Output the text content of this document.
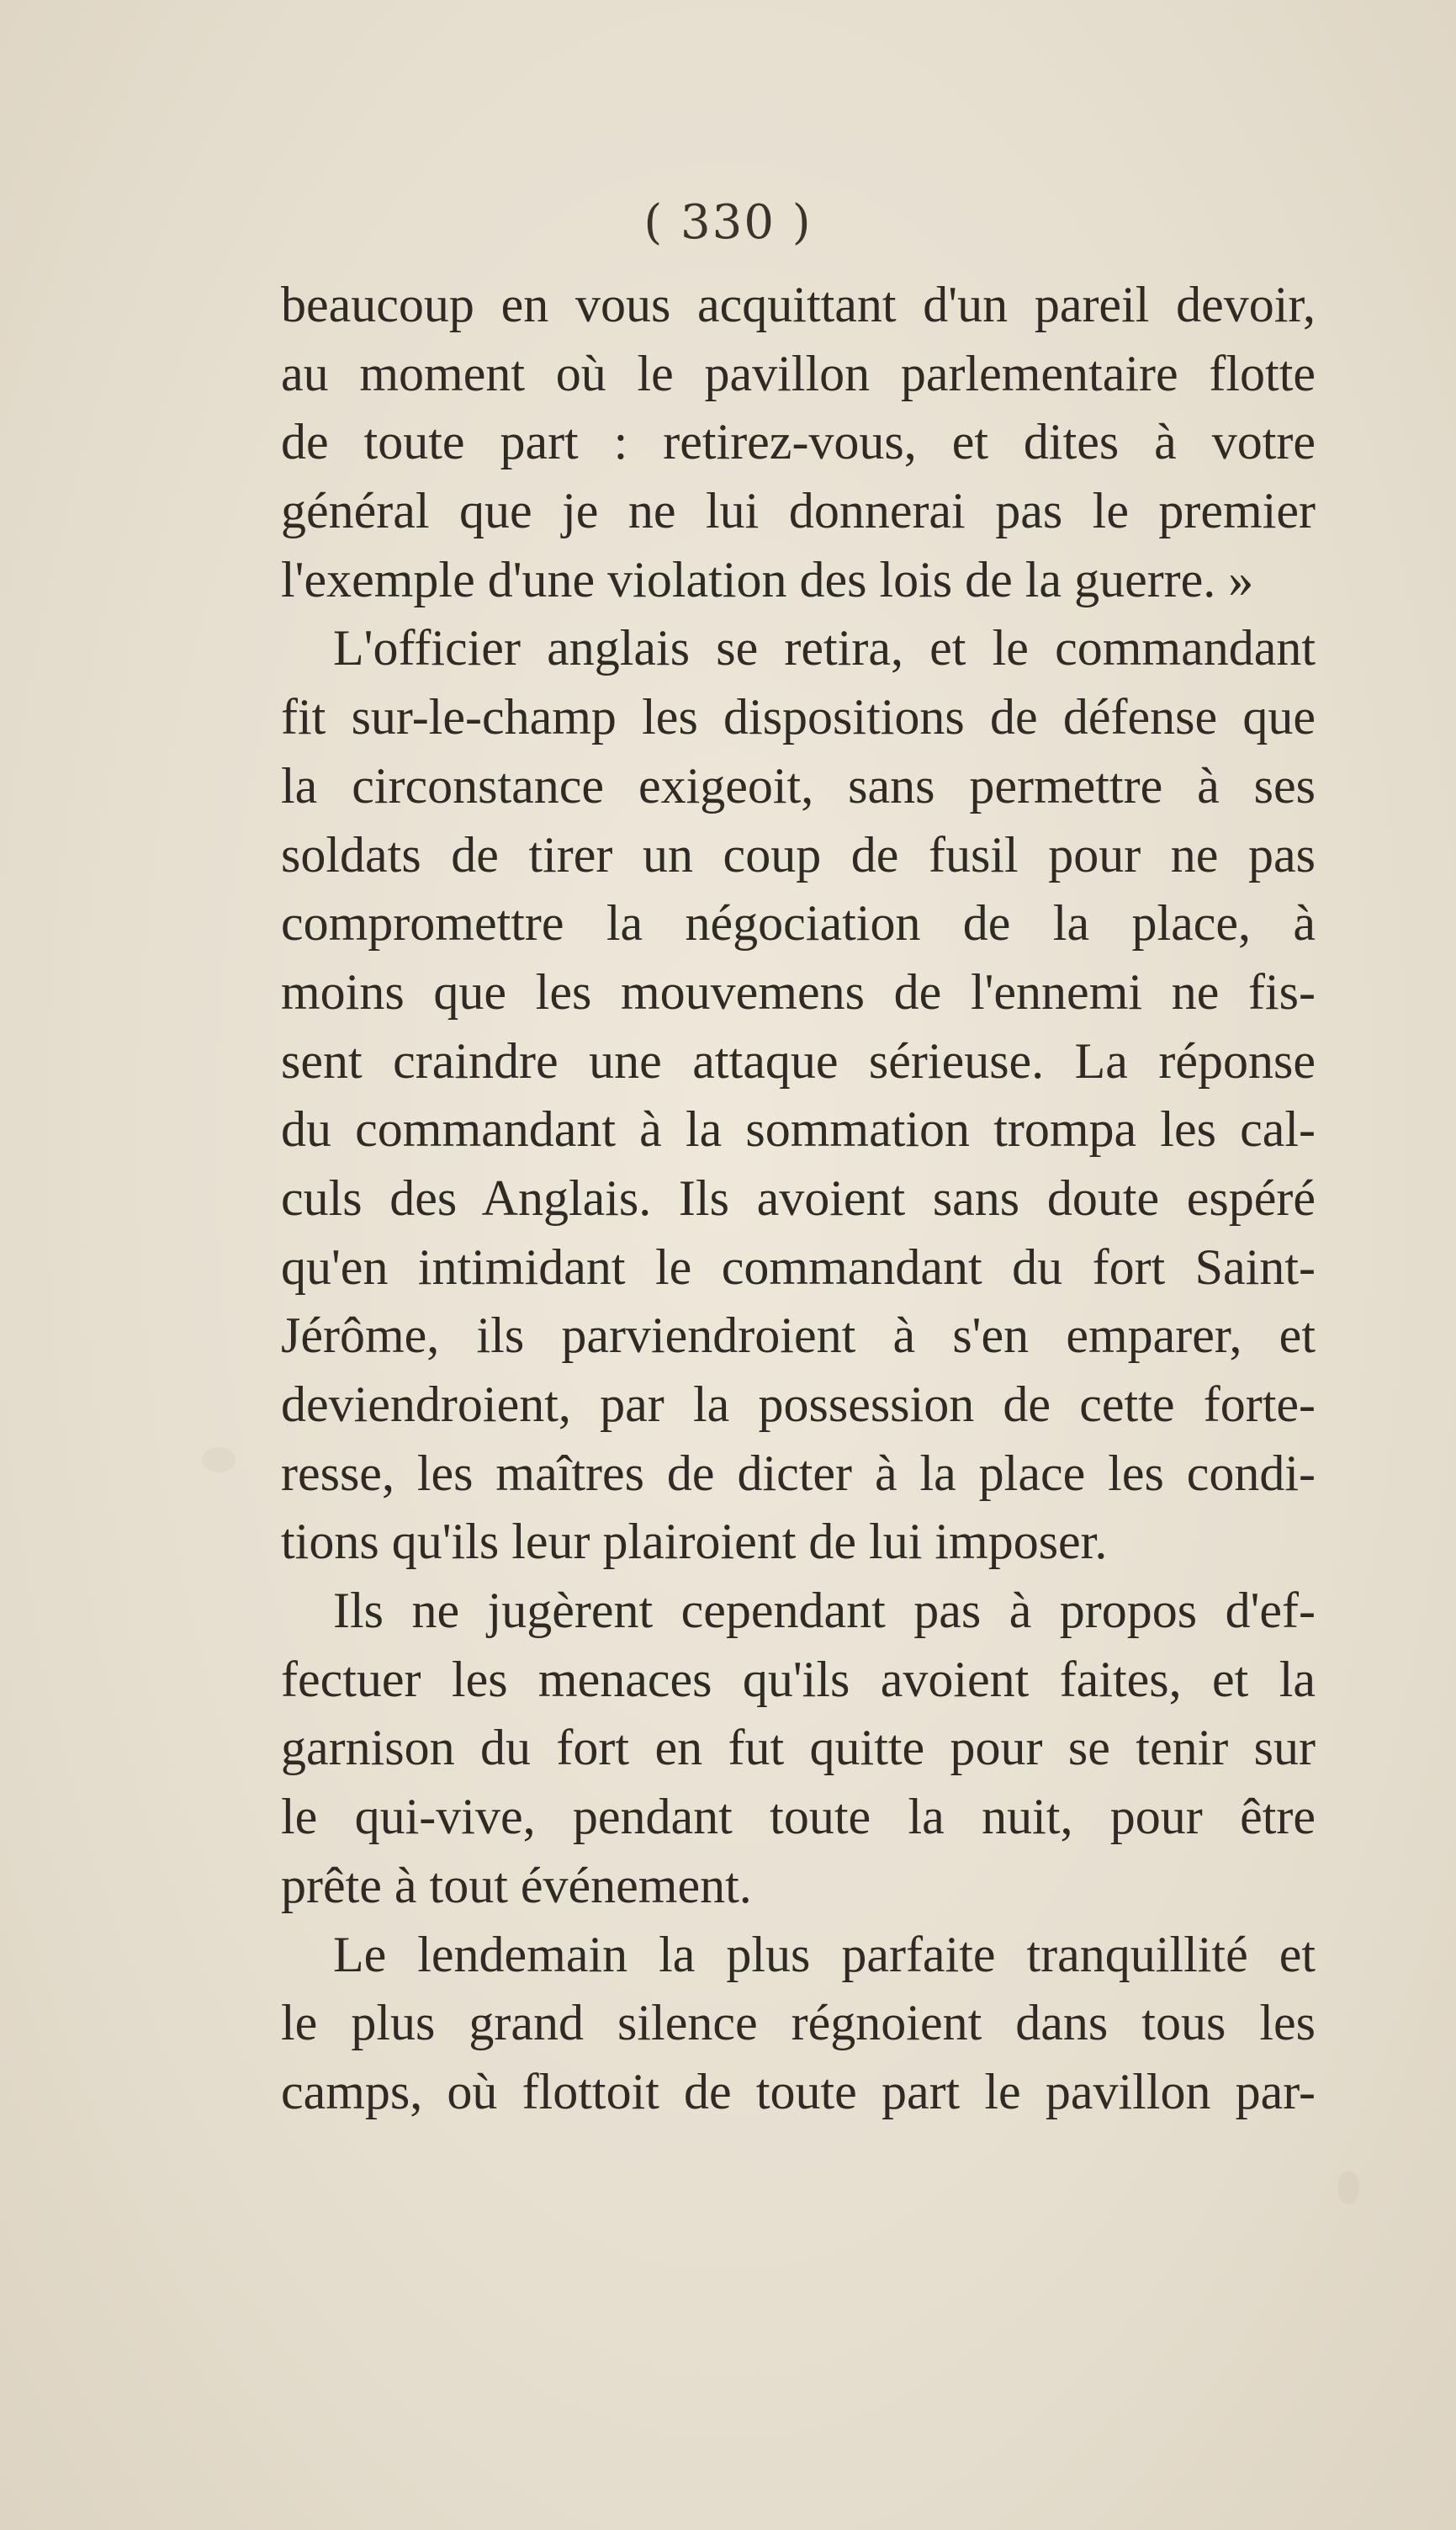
( 330 )
beaucoup en vous acquittant d'un pareil devoir,
au moment où le pavillon parlementaire flotte
de toute part : retirez-vous, et dites à votre
général que je ne lui donnerai pas le premier
l'exemple d'une violation des lois de la guerre. »
L'officier anglais se retira, et le commandant
fit sur-le-champ les dispositions de défense que
la circonstance exigeoit, sans permettre à ses
soldats de tirer un coup de fusil pour ne pas
compromettre la négociation de la place, à
moins que les mouvemens de l'ennemi ne fis-
sent craindre une attaque sérieuse. La réponse
du commandant à la sommation trompa les cal-
culs des Anglais. Ils avoient sans doute espéré
qu'en intimidant le commandant du fort Saint-
Jérôme, ils parviendroient à s'en emparer, et
deviendroient, par la possession de cette forte-
resse, les maîtres de dicter à la place les condi-
tions qu'ils leur plairoient de lui imposer.
Ils ne jugèrent cependant pas à propos d'ef-
fectuer les menaces qu'ils avoient faites, et la
garnison du fort en fut quitte pour se tenir sur
le qui-vive, pendant toute la nuit, pour être
prête à tout événement.
Le lendemain la plus parfaite tranquillité et
le plus grand silence régnoient dans tous les
camps, où flottoit de toute part le pavillon par-
